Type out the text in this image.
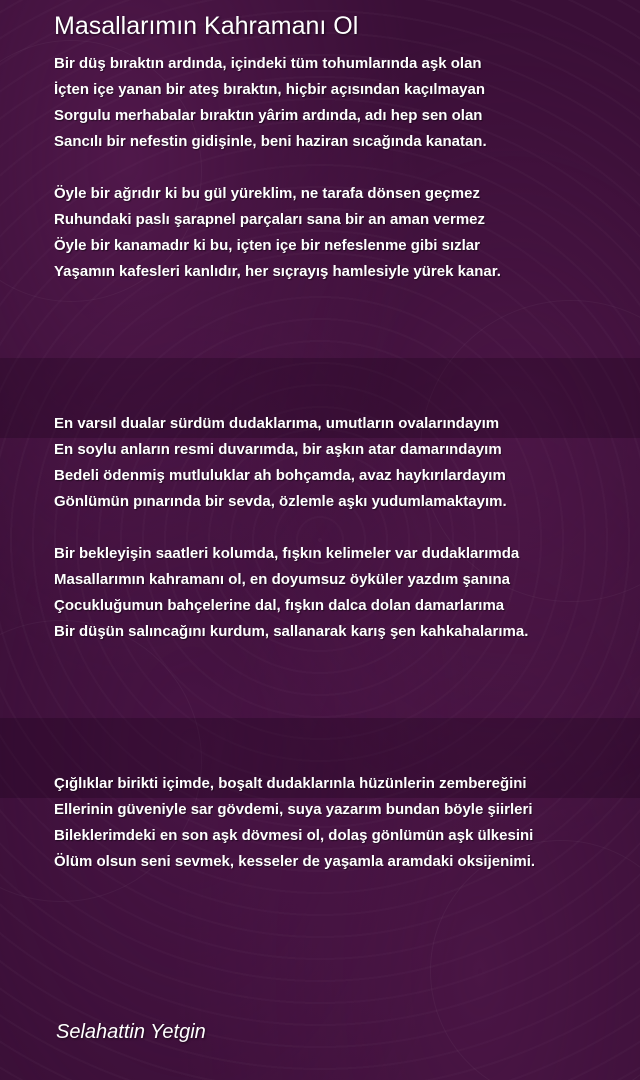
Masallarımın Kahramanı Ol
Bir düş bıraktın ardında, içindeki tüm tohumlarında aşk olan
İçten içe yanan bir ateş bıraktın, hiçbir açısından kaçılmayan
Sorgulu merhabalar bıraktın yârim ardında, adı hep sen olan
Sancılı bir nefestin gidişinle, beni haziran sıcağında kanatan.
Öyle bir ağrıdır ki bu gül yüreklim, ne tarafa dönsen geçmez
Ruhundaki paslı şarapnel parçaları sana bir an aman vermez
Öyle bir kanamadır ki bu, içten içe bir nefeslenme gibi sızlar
Yaşamın kafesleri kanlıdır, her sıçrayış hamlesiyle yürek kanar.
En varsıl dualar sürdüm dudaklarıma, umutların ovalarındayım
En soylu anların resmi duvarımda, bir aşkın atar damarındayım
Bedeli ödenmiş mutluluklar ah bohçamda, avaz haykırılardayım
Gönlümün pınarında bir sevda, özlemle aşkı yudumlamaktayım.
Bir bekleyişin saatleri kolumda, fışkın kelimeler var dudaklarımda
Masallarımın kahramanı ol, en doyumsuz öyküler yazdım şanına
Çocukluğumun bahçelerine dal, fışkın dalca dolan damarlarıma
Bir düşün salıncağını kurdum, sallanarak karış şen kahkahalarıma.
Çığlıklar birikti içimde, boşalt dudaklarınla hüzünlerin zembereğini
Ellerinin güveniyle sar gövdemi, suya yazarım bundan böyle şiirleri
Bileklerimdeki en son aşk dövmesi ol, dolaş gönlümün aşk ülkesini
Ölüm olsun seni sevmek, kesseler de yaşamla aramdaki oksijenimi.
Selahattin Yetgin
